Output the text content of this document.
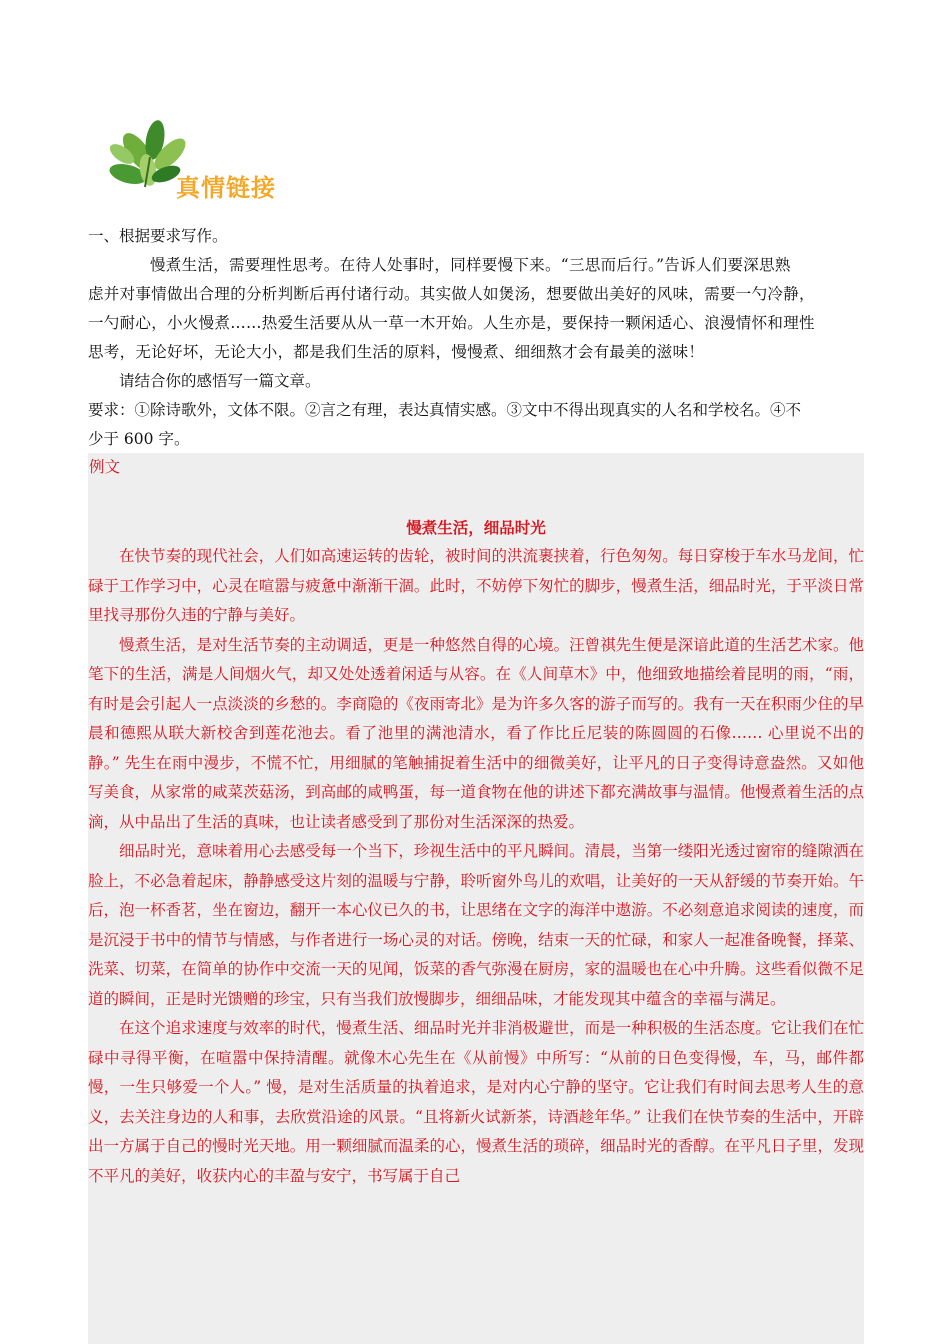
真情链接

一、根据要求写作。

慢煮生活，需要理性思考。在待人处事时，同样要慢下来。“三思而后行。”告诉人们要深思熟

虑并对事情做出合理的分析判断后再付诸行动。其实做人如煲汤，想要做出美好的风味，需要一勺冷静，

一勺耐心，小火慢煮……热爱生活要从从一草一木开始。人生亦是，要保持一颗闲适心、浪漫情怀和理性

思考，无论好坏，无论大小，都是我们生活的原料，慢慢煮、细细熬才会有最美的滋味！

请结合你的感悟写一篇文章。

要求：①除诗歌外，文体不限。②言之有理，表达真情实感。③文中不得出现真实的人名和学校名。④不

少于 600 字。

例文

慢煮生活，细品时光

在快节奏的现代社会，人们如高速运转的齿轮，被时间的洪流裹挟着，行色匆匆。每日穿梭于车水马龙间，忙碌于工作学习中，心灵在喧嚣与疲惫中渐渐干涸。此时，不妨停下匆忙的脚步，慢煮生活，细品时光，于平淡日常里找寻那份久违的宁静与美好。

慢煮生活，是对生活节奏的主动调适，更是一种悠然自得的心境。汪曾祺先生便是深谙此道的生活艺术家。他笔下的生活，满是人间烟火气，却又处处透着闲适与从容。在《人间草木》中，他细致地描绘着昆明的雨，“雨，有时是会引起人一点淡淡的乡愁的。李商隐的《夜雨寄北》是为许多久客的游子而写的。我有一天在积雨少住的早晨和德熙从联大新校舍到莲花池去。看了池里的满池清水，看了作比丘尼装的陈圆圆的石像…… 心里说不出的静。” 先生在雨中漫步，不慌不忙，用细腻的笔触捕捉着生活中的细微美好，让平凡的日子变得诗意盎然。又如他写美食，从家常的咸菜茨菇汤，到高邮的咸鸭蛋，每一道食物在他的讲述下都充满故事与温情。他慢煮着生活的点滴，从中品出了生活的真味，也让读者感受到了那份对生活深深的热爱。

细品时光，意味着用心去感受每一个当下，珍视生活中的平凡瞬间。清晨，当第一缕阳光透过窗帘的缝隙洒在脸上，不必急着起床，静静感受这片刻的温暖与宁静，聆听窗外鸟儿的欢唱，让美好的一天从舒缓的节奏开始。午后，泡一杯香茗，坐在窗边，翻开一本心仪已久的书，让思绪在文字的海洋中遨游。不必刻意追求阅读的速度，而是沉浸于书中的情节与情感，与作者进行一场心灵的对话。傍晚，结束一天的忙碌，和家人一起准备晚餐，择菜、洗菜、切菜，在简单的协作中交流一天的见闻，饭菜的香气弥漫在厨房，家的温暖也在心中升腾。这些看似微不足道的瞬间，正是时光馈赠的珍宝，只有当我们放慢脚步，细细品味，才能发现其中蕴含的幸福与满足。

在这个追求速度与效率的时代，慢煮生活、细品时光并非消极避世，而是一种积极的生活态度。它让我们在忙碌中寻得平衡，在喧嚣中保持清醒。就像木心先生在《从前慢》中所写：“从前的日色变得慢，车，马，邮件都慢，一生只够爱一个人。” 慢，是对生活质量的执着追求，是对内心宁静的坚守。它让我们有时间去思考人生的意义，去关注身边的人和事，去欣赏沿途的风景。“且将新火试新茶，诗酒趁年华。” 让我们在快节奏的生活中，开辟出一方属于自己的慢时光天地。用一颗细腻而温柔的心，慢煮生活的琐碎，细品时光的香醇。在平凡日子里，发现不平凡的美好，收获内心的丰盈与安宁，书写属于自己
